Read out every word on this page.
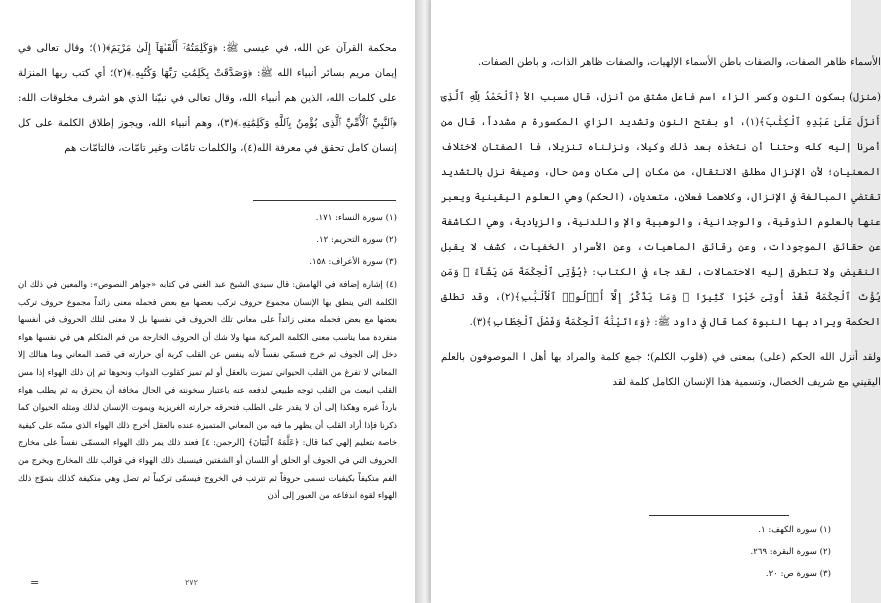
محكمة القرآن عن الله، في عيسى ﷺ: ﴿وَكَلِمَتُهُۥٓ أَلْقَىٰهَآ إِلَىٰ مَرْيَمَ﴾(١)؛ وقال تعالى في إيمان مريم بسائر أنبياء الله ﷺ: ﴿وَصَدَّقَتْ بِكَلِمَٰتِ رَبِّهَا وَكُتُبِهِۦ﴾(٢)؛ أي كتب ربها المنزلة على كلمات الله، الذين هم أنبياء الله، وقال تعالى في نبيّنا الذي هو اشرف مخلوقات الله: ﴿ٱلنَّبِيِّ ٱلْأُمِّيِّ ٱلَّذِى يُؤْمِنُ بِٱللَّهِ وَكَلِمَٰتِهِۦ﴾(٣)، وهم أنبياء الله، ويجوز إطلاق الكلمة على كل إنسان كامل تحقق في معرفة الله(٤)، والكلمات تامّات وغير تامّات، فالتامّات هم
(١) سورة النساء: ١٧١.
(٢) سورة التحريم: ١٢.
(٣) سورة الأعراف: ١٥٨.
(٤) إشارة إضافة في الهامش: قال سيدي الشيخ عبد الغني في كتابه «جواهر النصوص»: والمعين في ذلك ان الكلمة التي ينطق بها الإنسان مجموع حروف تركب بعضها مع بعض فحمله معنى زائداً مجموع حروف تركب بعضها مع بعض فحمله معنى زائداً على معاني تلك الحروف في نفسها بل لا معنى لتلك الحروف في أنفسها منفردة مما يناسب معنى الكلمة المركبة منها ولا شك أن الحروف الخارجة من فم المتكلم هي في نفسها هواء دخل إلى الجوف ثم خرج فسمّي نفساً لأنه ينفس عن القلب كربة أي حرارته في قصد المعاني وما هنالك إلا المعاني لا تفرغ من القلب الحيواني تميزت بالعقل أو لم تميز كقلوب الدواب ونحوها ثم إن ذلك الهواء إذا مس القلب انبعث من القلب توجه طبيعي لدفعه عنه باعتبار سخونته في الحال مخافة أن يحترق به ثم يطلب هواء بارداً غيره وهكذا إلى أن لا يقدر على الطلب فتحرقه حرارته الغريزية ويموت الإنسان لذلك ومثله الحيوان كما ذكرنا فإذا أراد القلب أن يظهر ما فيه من المعاني المتميزة عنده بالعقل أخرج ذلك الهواء الذي مسّه على كيفية خاصة بتعليم إلهي كما قال: ﴿عَلَّمَهُ ٱلْبَيَانَ﴾ [الرحمن: ٤] فعند ذلك يمر ذلك الهواء المسمّى نفساً على مخارج الحروف التي في الجوف أو الحلق أو اللسان أو الشفتين فينسبك ذلك الهواء في قوالب تلك المخارج ويخرج من الفم متكيفاً بكيفيات تسمى حروفاً ثم تترتب في الخروج فيسمّى تركيباً ثم تصل وهي متكيفة كذلك بتموّج ذلك الهواء لقوة اندفاعه من العبور إلى أذن
٢٧٢
=

الأسماء ظاهر الصفات، والصفات باطن الأسماء الإلهيات، والصفات ظاهر الذات، و باطن الصفات.

(منزل) بسكون النون وكسر الزاء اسم فاعل مشتق من أنزل، قال مسبب الأ ﴿ٱلْحَمْدُ لِلَّهِ ٱلَّذِىٓ أَنزَلَ عَلَىٰ عَبْدِهِ ٱلْكِتَٰبَ﴾(١)، أو بفتح النون وتشديد الزاي المكسورة م مشدداً، قال من أمرنا إليه كله وحتنا أن نتخذه بعد ذلك وكيلا، ونزلناه تنزيلا، فا الصفتان لاختلاف المعنيان؛ لأن الإنزال مطلق الانتقال، من مكان إلى مكان ومن حال، وصيغة نزل بالتشديد تقتضي المبالغة في الإنزال، وكلاهما فعلان، متعديان، (الحكم) وهي العلوم اليقينية ويعبر عنها بالعلوم الذوقية، والوجدانية، والوهبية والإ واللدنية، والزيادية، وهي الكاشفة عن حقائق الموجودات، وعن رقائق الماهيات، وعن الأسرار الخفيات، كشف لا يقبل النقيض ولا تتطرق إليه الاحتمالات، لقد جاء في الكتاب: ﴿يُؤْتِى ٱلْحِكْمَةَ مَن يَشَآءُ ۚ وَمَن يُؤْتَ ٱلْحِكْمَةَ فَقَدْ أُوتِىَ خَيْرًا كَثِيرًا ۗ وَمَا يَذَّكَّرُ إِلَّآ أُو۟لُوا۟ ٱلْأَلْبَٰبِ﴾(٢)، وقد تطلق الحكمة ويراد بها النبوة كما قال في داود ﷺ: ﴿وَءَاتَيْنَٰهُ ٱلْحِكْمَةَ وَفَصْلَ ٱلْخِطَابِ﴾(٣).

ولقد أنزل الله الحكم (على) بمعنى في (قلوب الكلم)؛ جمع كلمة والمراد بها أهل ا الموصوفون بالعلم اليقيني مع شريف الخصال، وتسمية هذا الإنسان الكامل كلمة لقد

(١) سورة الكهف: ١.
(٢) سورة البقرة: ٢٦٩.
(٣) سورة ص: ٢٠.
